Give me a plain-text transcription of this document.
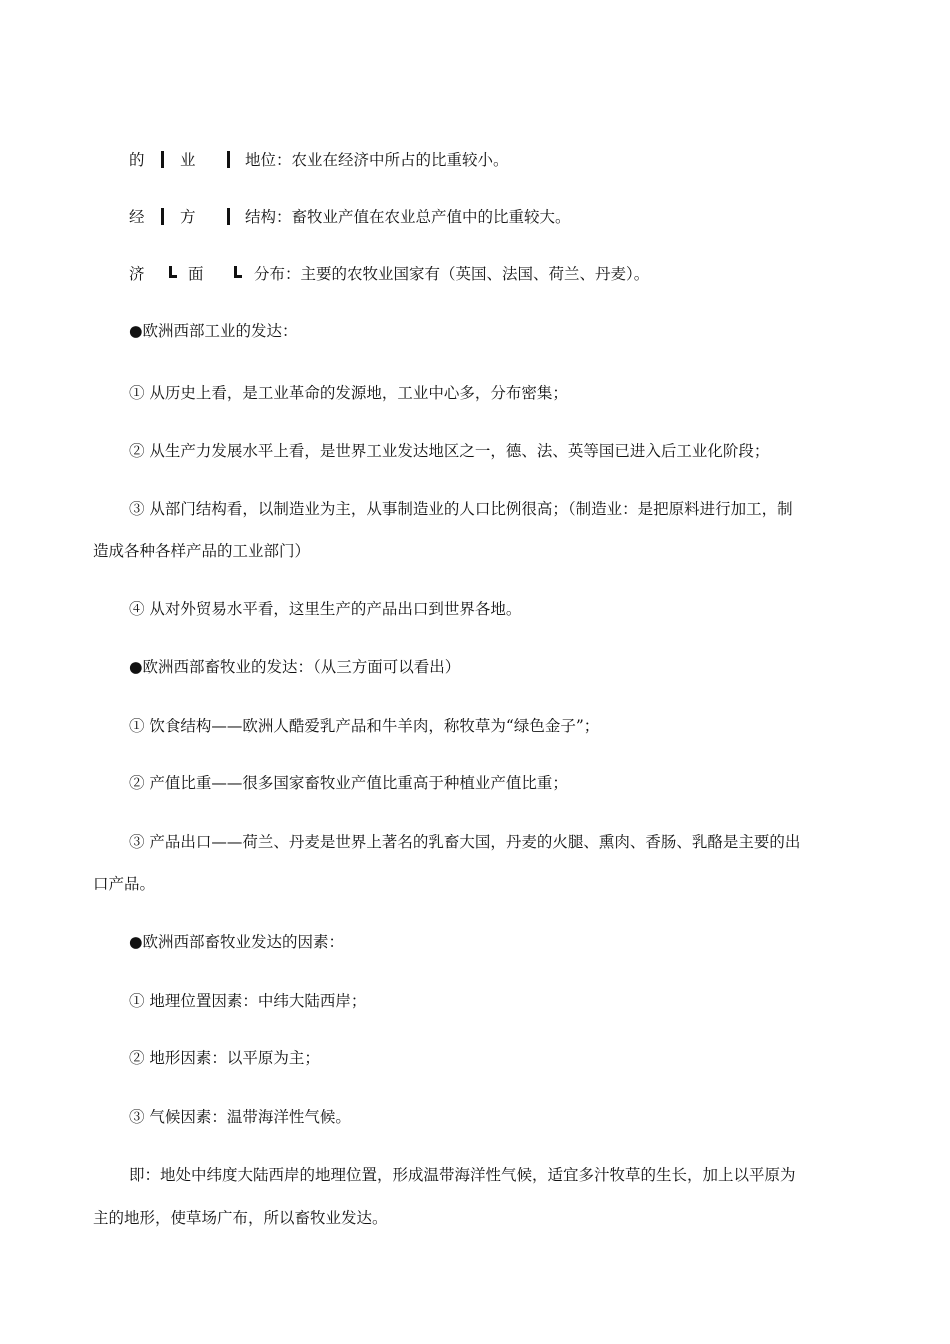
的 业	地位：农业在经济中所占的比重较小。
经 方	结构：畜牧业产值在农业总产值中的比重较大。
济	面	分布：主要的农牧业国家有（英国、法国、荷兰、丹麦）。
●欧洲西部工业的发达：
① 从历史上看，是工业革命的发源地，工业中心多，分布密集；
② 从生产力发展水平上看，是世界工业发达地区之一，德、法、英等国已进入后工业化阶段；
③ 从部门结构看，以制造业为主，从事制造业的人口比例很高；（制造业：是把原料进行加工，制
造成各种各样产品的工业部门）
④ 从对外贸易水平看，这里生产的产品出口到世界各地。
●欧洲西部畜牧业的发达：（从三方面可以看出）
① 饮食结构——欧洲人酷爱乳产品和牛羊肉，称牧草为“绿色金子”；
② 产值比重——很多国家畜牧业产值比重高于种植业产值比重；
③ 产品出口——荷兰、丹麦是世界上著名的乳畜大国，丹麦的火腿、熏肉、香肠、乳酪是主要的出
口产品。
●欧洲西部畜牧业发达的因素：
① 地理位置因素：中纬大陆西岸；
② 地形因素：以平原为主；
③ 气候因素：温带海洋性气候。
即：地处中纬度大陆西岸的地理位置，形成温带海洋性气候，适宜多汁牧草的生长，加上以平原为
主的地形，使草场广布，所以畜牧业发达。
